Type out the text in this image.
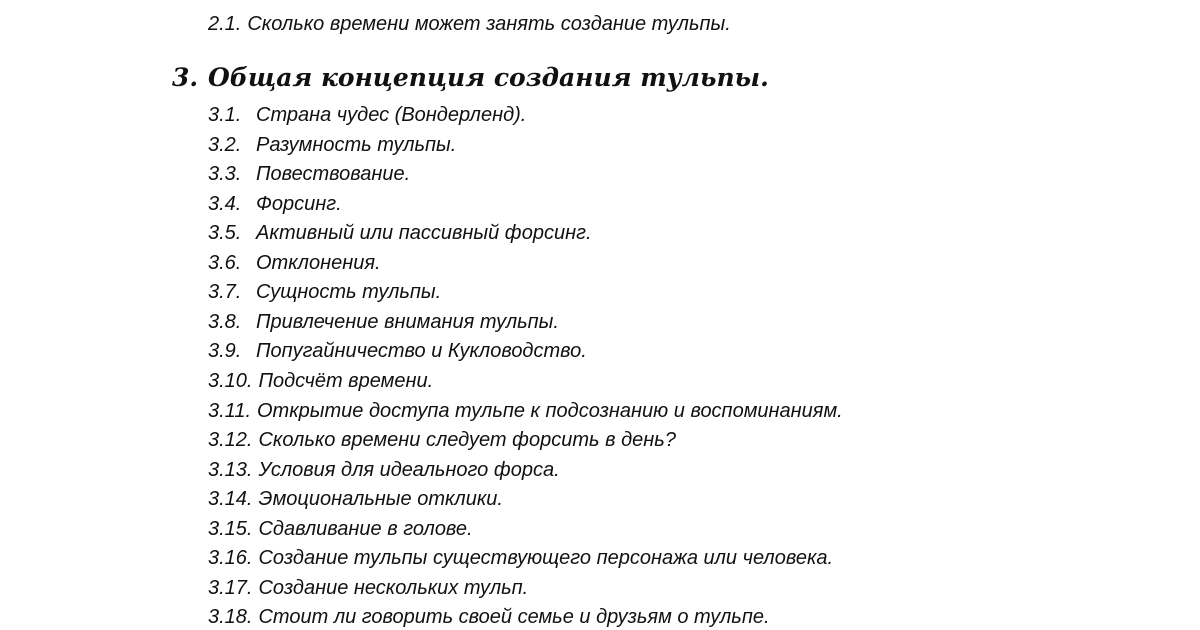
2.1. Сколько времени может занять создание тульпы.
3. Общая концепция создания тульпы.
3.1. Страна чудес (Вондерленд).
3.2. Разумность тульпы.
3.3. Повествование.
3.4. Форсинг.
3.5. Активный или пассивный форсинг.
3.6. Отклонения.
3.7. Сущность тульпы.
3.8. Привлечение внимания тульпы.
3.9. Попугайничество и Кукловодство.
3.10. Подсчёт времени.
3.11. Открытие доступа тульпе к подсознанию и воспоминаниям.
3.12. Сколько времени следует форсить в день?
3.13. Условия для идеального форса.
3.14. Эмоциональные отклики.
3.15. Сдавливание в голове.
3.16. Создание тульпы существующего персонажа или человека.
3.17. Создание нескольких тульп.
3.18. Стоит ли говорить своей семье и друзьям о тульпе.
